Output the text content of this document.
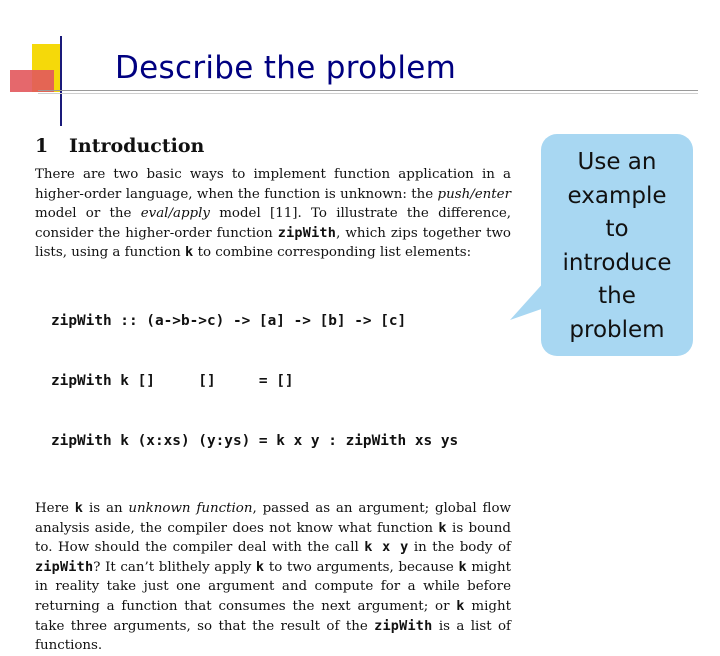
Describe the problem
1 Introduction

There are two basic ways to implement function application in a higher-order language, when the function is unknown: the push/enter model or the eval/apply model [11]. To illustrate the difference, consider the higher-order function zipWith, which zips together two lists, using a function k to combine corresponding list elements:

zipWith :: (a->b->c) -> [a] -> [b] -> [c]

zipWith k []     []     = []

zipWith k (x:xs) (y:ys) = k x y : zipWith xs ys

Here k is an unknown function, passed as an argument; global flow analysis aside, the compiler does not know what function k is bound to. How should the compiler deal with the call k x y in the body of zipWith? It can’t blithely apply k to two arguments, because k might in reality take just one argument and compute for a while before returning a function that consumes the next argument; or k might take three arguments, so that the result of the zipWith is a list of functions.

Use an
example
to
introduce
the
problem
